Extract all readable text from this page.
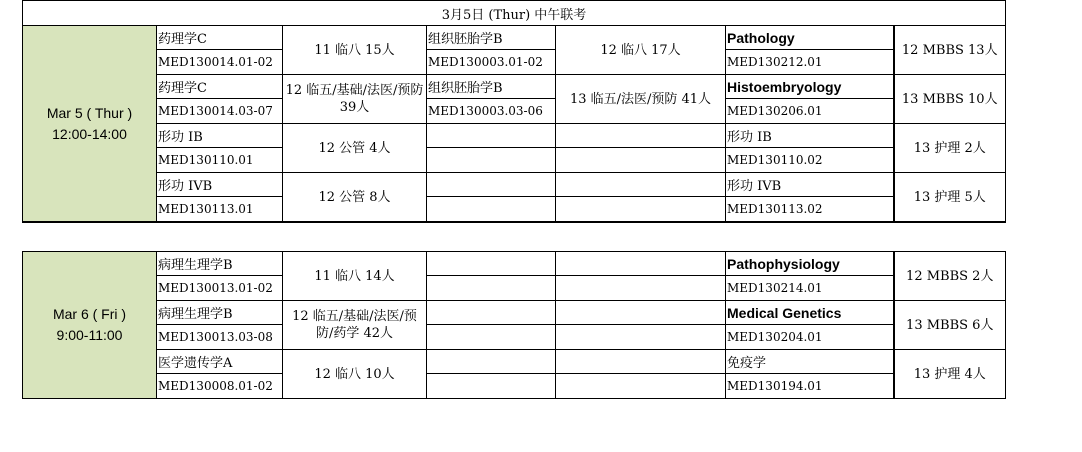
3月5日 (Thur) 中午联考						

Mar 5 ( Thur )
12:00-14:00	药理学C	11 临八 15人	组织胚胎学B	12 临八 17人	Pathology	12 MBBS 13人
	MED130014.01-02		MED130003.01-02		MED130212.01	
	药理学C	12 临五/基础/法医/预防 39人	组织胚胎学B	13 临五/法医/预防 41人	Histoembryology	13 MBBS 10人
	MED130014.03-07		MED130003.03-06		MED130206.01	
	形功 IB	12 公管 4人			形功 IB	13 护理 2人
	MED130110.01				MED130110.02	
	形功 IVB	12 公管 8人			形功 IVB	13 护理 5人
	MED130113.01				MED130113.02	
Mar 6 ( Fri )
9:00-11:00	病理生理学B	11 临八 14人			Pathophysiology	12 MBBS 2人
	MED130013.01-02				MED130214.01	
	病理生理学B	12 临五/基础/法医/预防/药学 42人			Medical Genetics	13 MBBS 6人
	MED130013.03-08				MED130204.01	
	医学遗传学A	12 临八 10人			免疫学	13 护理 4人
	MED130008.01-02				MED130194.01	
